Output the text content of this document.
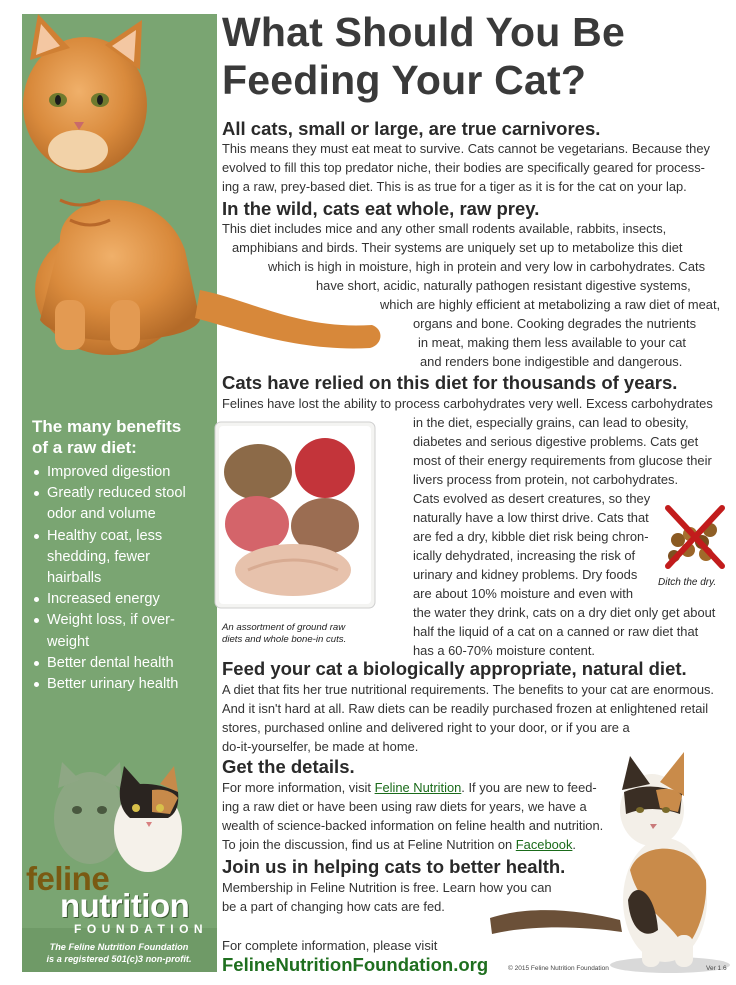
What Should You Be
Feeding Your Cat?
All cats, small or large, are true carnivores.
This means they must eat meat to survive. Cats cannot be vegetarians. Because they
evolved to fill this top predator niche, their bodies are specifically geared for process-
ing a raw, prey-based diet. This is as true for a tiger as it is for the cat on your lap.
In the wild, cats eat whole, raw prey.
This diet includes mice and any other small rodents available, rabbits, insects,
amphibians and birds. Their systems are uniquely set up to metabolize this diet
which is high in moisture, high in protein and very low in carbohydrates. Cats
have short, acidic, naturally pathogen resistant digestive systems,
which are highly efficient at metabolizing a raw diet of meat,
organs and bone. Cooking degrades the nutrients
in meat, making them less available to your cat
and renders bone indigestible and dangerous.
Cats have relied on this diet for thousands of years.
Felines have lost the ability to process carbohydrates very well. Excess carbohydrates
in the diet, especially grains, can lead to obesity,
diabetes and serious digestive problems. Cats get
most of their energy requirements from glucose their
livers process from protein, not carbohydrates.
Cats evolved as desert creatures, so they
naturally have a low thirst drive. Cats that
are fed a dry, kibble diet risk being chron-
ically dehydrated, increasing the risk of
urinary and kidney problems. Dry foods
are about 10% moisture and even with
the water they drink, cats on a dry diet only get about
half the liquid of a cat on a canned or raw diet that
has a 60-70% moisture content.
The many benefits
of a raw diet:
Improved digestion
Greatly reduced stool
odor and volume
Healthy coat, less
shedding, fewer
hairballs
Increased energy
Weight loss, if over-
weight
Better dental health
Better urinary health
An assortment of ground raw
diets and whole bone-in cuts.
Ditch the dry.
Feed your cat a biologically appropriate, natural diet.
A diet that fits her true nutritional requirements. The benefits to your cat are enormous.
And it isn't hard at all. Raw diets can be readily purchased frozen at enlightened retail
stores, purchased online and delivered right to your door, or if you are a
do-it-yourselfer, be made at home.
Get the details.
For more information, visit Feline Nutrition. If you are new to feed-
ing a raw diet or have been using raw diets for years, we have a
wealth of science-backed information on feline health and nutrition.
To join the discussion, find us at Feline Nutrition on Facebook.
Join us in helping cats to better health.
Membership in Feline Nutrition is free. Learn how you can
be a part of changing how cats are fed.
feline
nutrition
FOUNDATION
The Feline Nutrition Foundation
is a registered 501(c)3 non-profit.
For complete information, please visit
FelineNutritionFoundation.org	© 2015 Feline Nutrition Foundation	Ver 1.6
